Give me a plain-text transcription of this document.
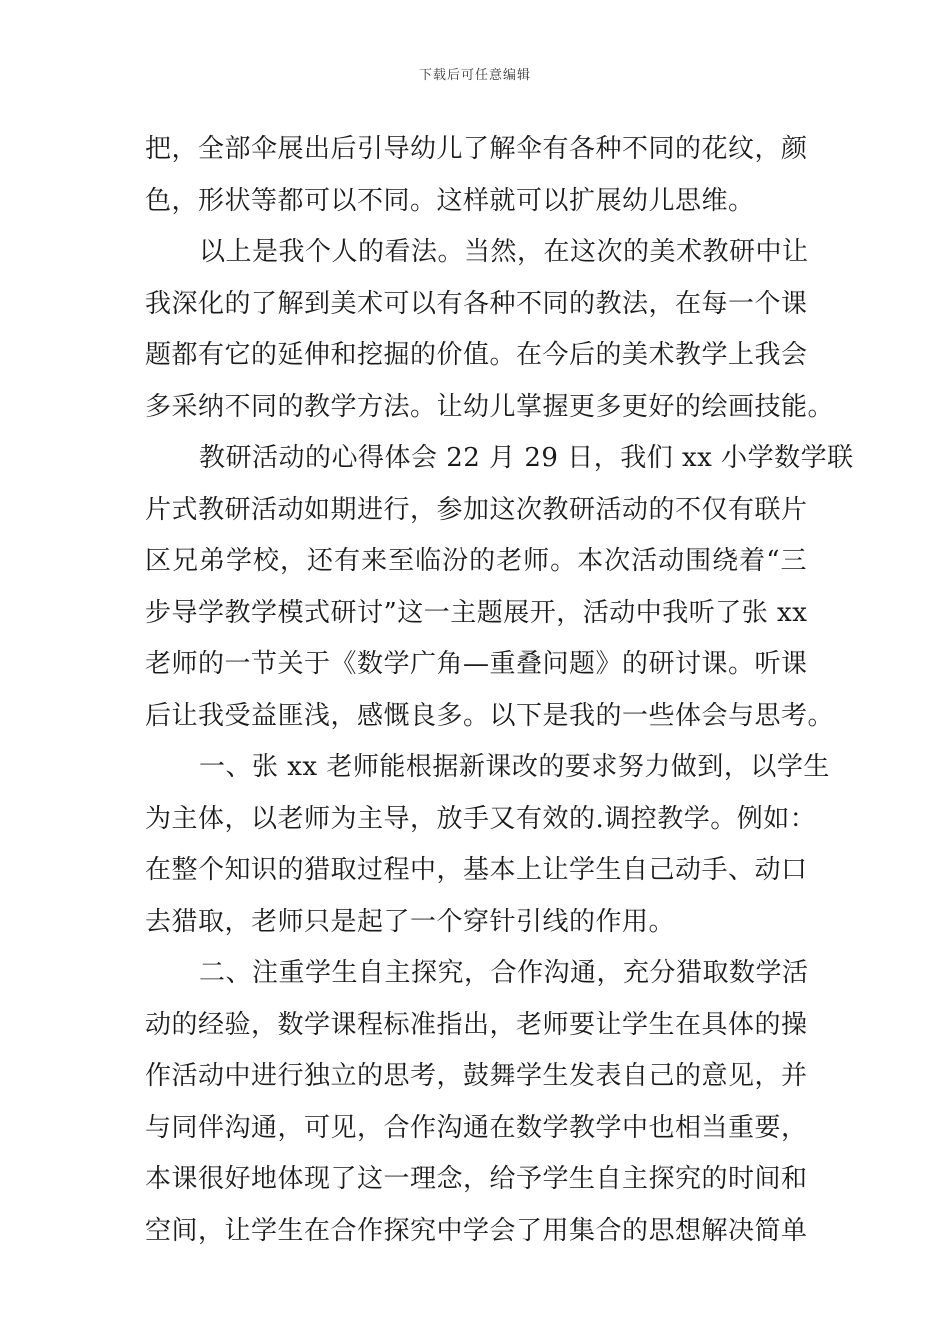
下载后可任意编辑
把，全部伞展出后引导幼儿了解伞有各种不同的花纹，颜
色，形状等都可以不同。这样就可以扩展幼儿思维。
以上是我个人的看法。当然，在这次的美术教研中让
我深化的了解到美术可以有各种不同的教法，在每一个课
题都有它的延伸和挖掘的价值。在今后的美术教学上我会
多采纳不同的教学方法。让幼儿掌握更多更好的绘画技能。
教研活动的心得体会 22 月 29 日，我们 xx 小学数学联
片式教研活动如期进行，参加这次教研活动的不仅有联片
区兄弟学校，还有来至临汾的老师。本次活动围绕着“三
步导学教学模式研讨”这一主题展开，活动中我听了张 xx
老师的一节关于《数学广角—重叠问题》的研讨课。听课
后让我受益匪浅，感慨良多。以下是我的一些体会与思考。
一、张 xx 老师能根据新课改的要求努力做到，以学生
为主体，以老师为主导，放手又有效的.调控教学。例如：
在整个知识的猎取过程中，基本上让学生自己动手、动口
去猎取，老师只是起了一个穿针引线的作用。
二、注重学生自主探究，合作沟通，充分猎取数学活
动的经验，数学课程标准指出，老师要让学生在具体的操
作活动中进行独立的思考，鼓舞学生发表自己的意见，并
与同伴沟通，可见，合作沟通在数学教学中也相当重要，
本课很好地体现了这一理念，给予学生自主探究的时间和
空间，让学生在合作探究中学会了用集合的思想解决简单
